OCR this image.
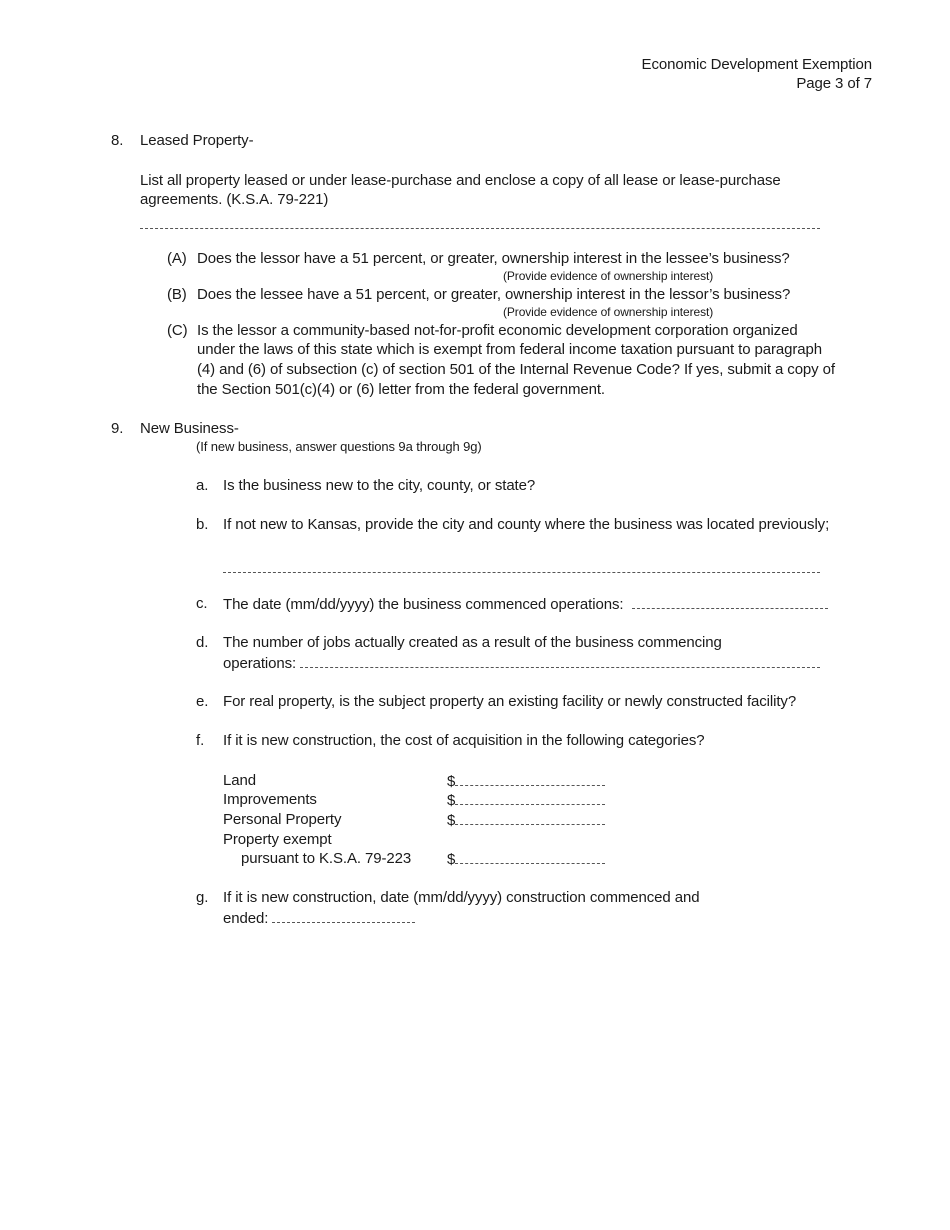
Economic Development Exemption
Page 3 of 7
8. Leased Property-
List all property leased or under lease-purchase and enclose a copy of all lease or lease-purchase
agreements. (K.S.A. 79-221)
(A) Does the lessor have a 51 percent, or greater, ownership interest in the lessee’s business?
(Provide evidence of ownership interest)
(B) Does the lessee have a 51 percent, or greater, ownership interest in the lessor’s business?
(Provide evidence of ownership interest)
(C) Is the lessor a community-based not-for-profit economic development corporation organized
under the laws of this state which is exempt from federal income taxation pursuant to paragraph
(4) and (6) of subsection (c) of section 501 of the Internal Revenue Code? If yes, submit a copy of
the Section 501(c)(4) or (6) letter from the federal government.
9. New Business-
(If new business, answer questions 9a through 9g)
a. Is the business new to the city, county, or state?
b. If not new to Kansas, provide the city and county where the business was located previously;
c. The date (mm/dd/yyyy) the business commenced operations:
d. The number of jobs actually created as a result of the business commencing
operations:
e. For real property, is the subject property an existing facility or newly constructed facility?
f. If it is new construction, the cost of acquisition in the following categories?
Land	$
Improvements	$
Personal Property	$
Property exempt
pursuant to K.S.A. 79-223 $
g. If it is new construction, date (mm/dd/yyyy) construction commenced and
ended:
